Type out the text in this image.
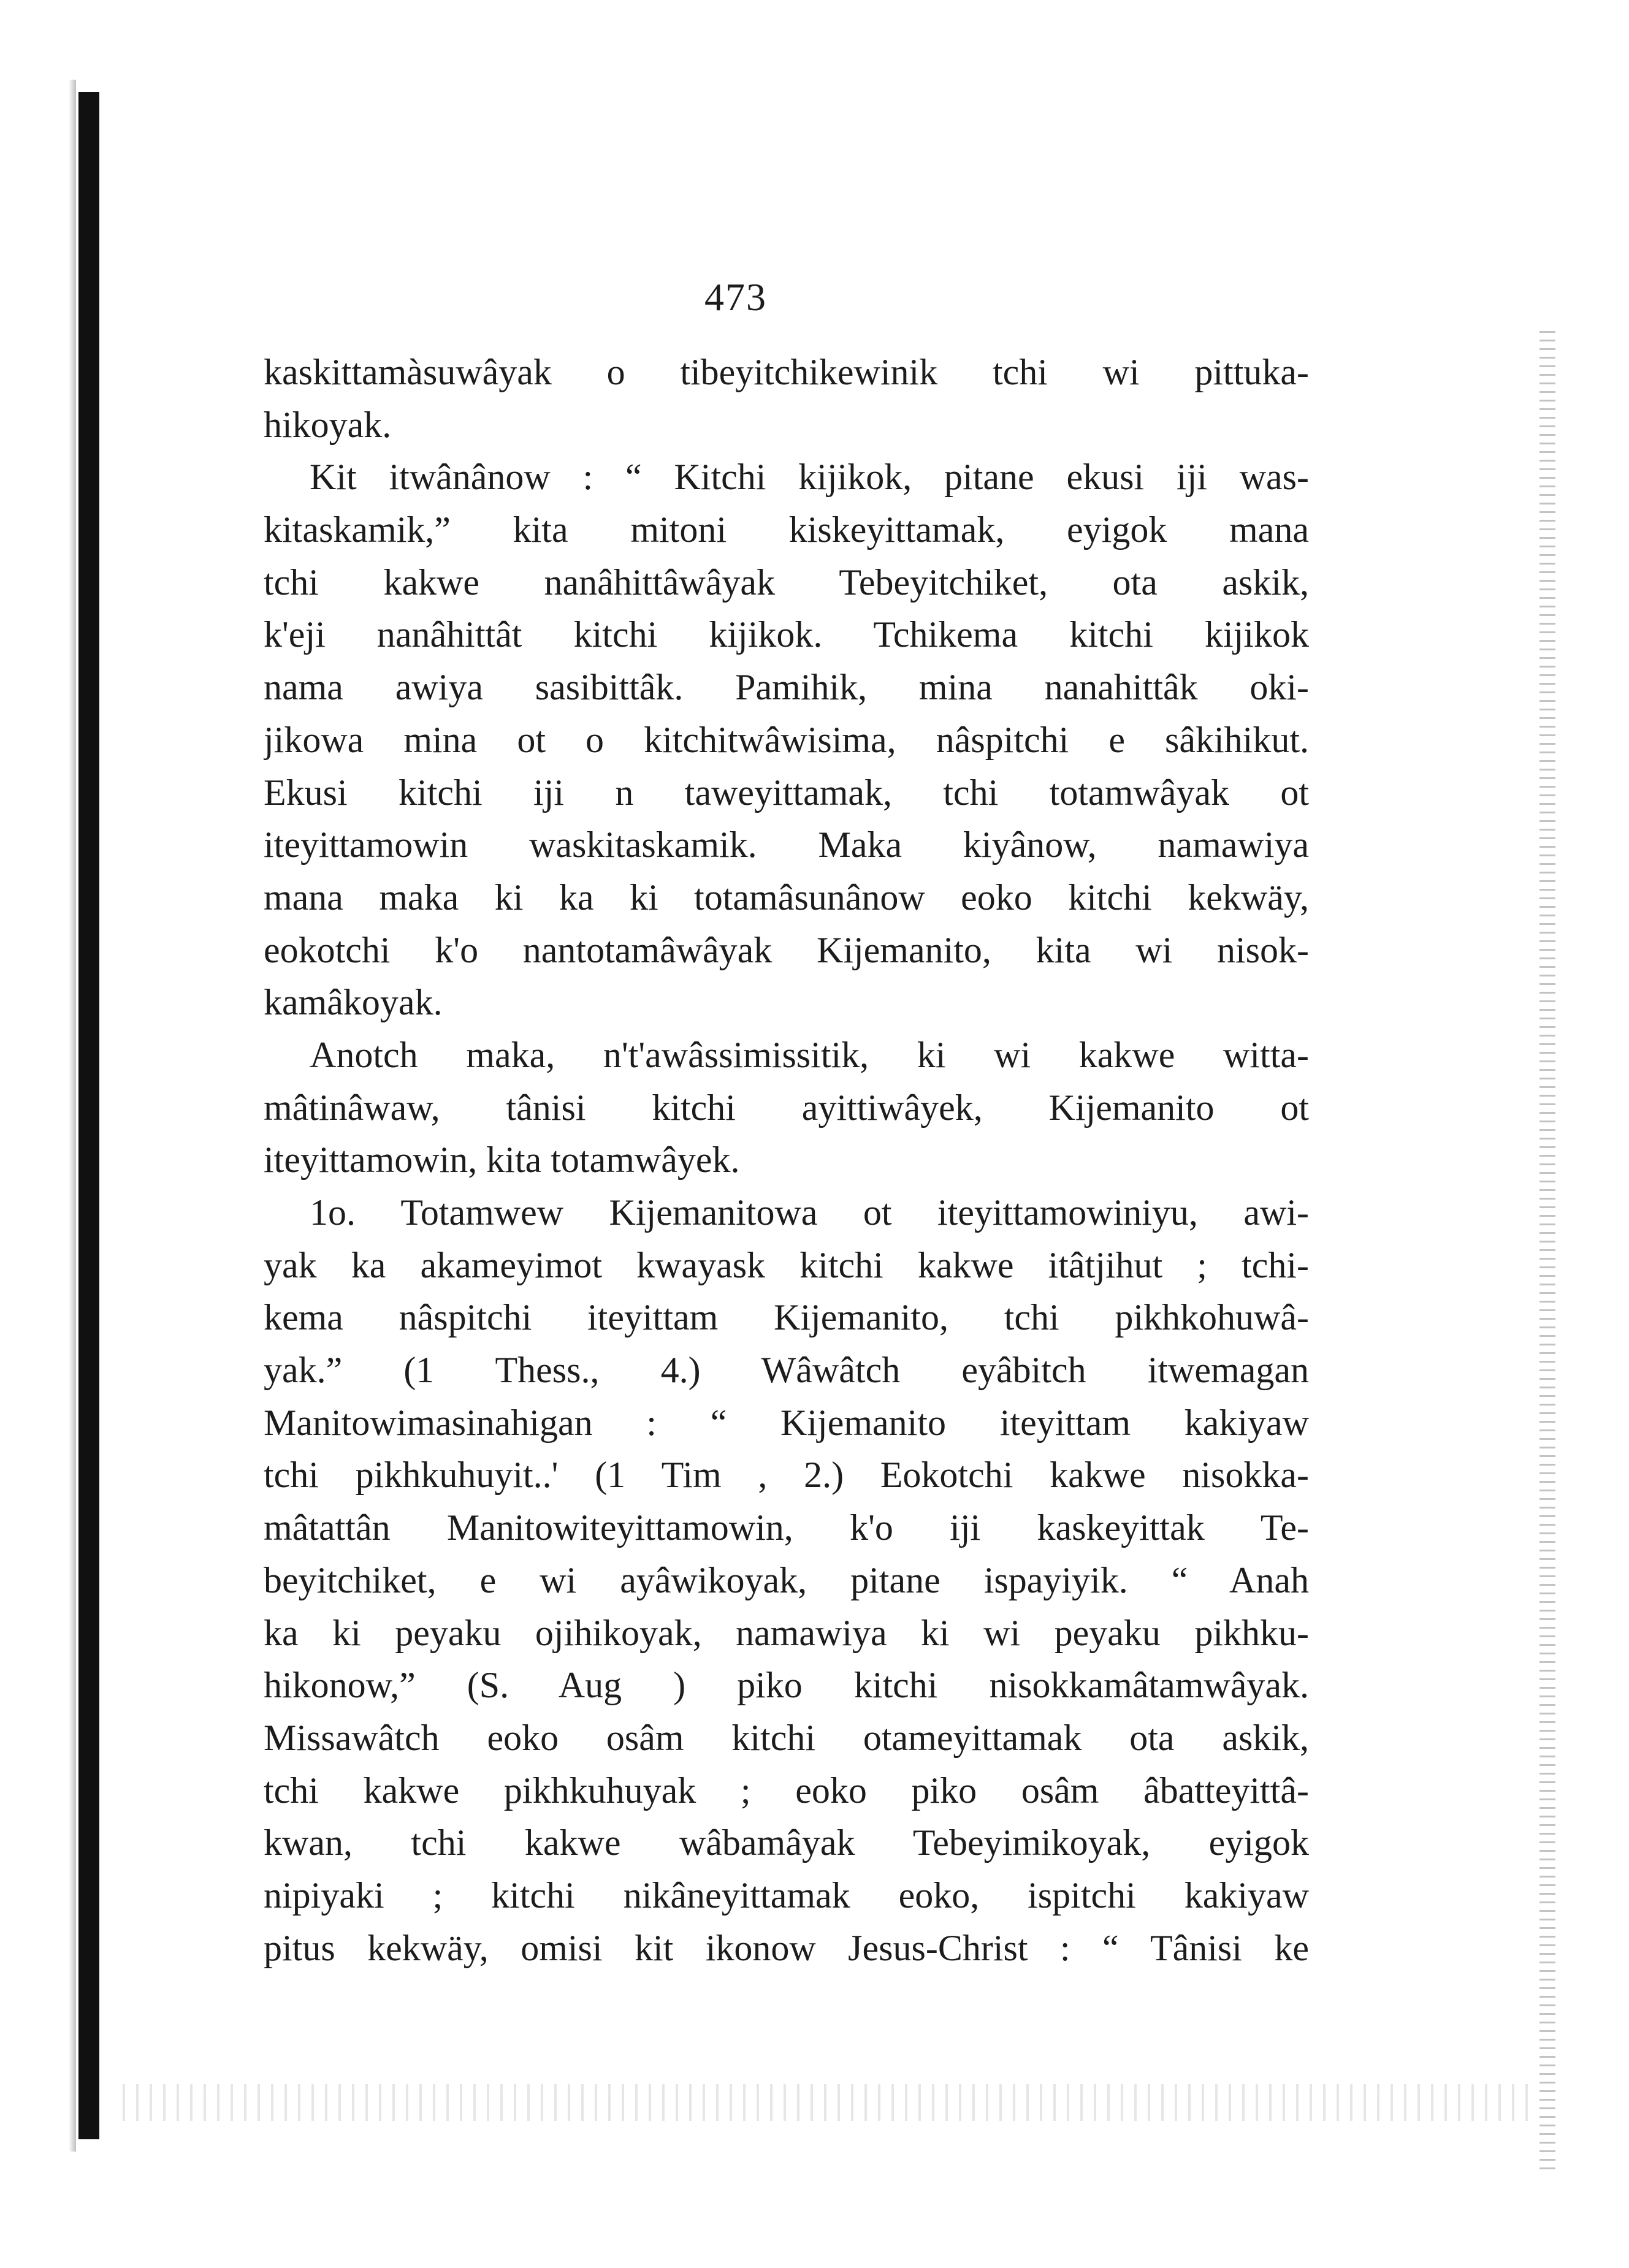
473
kaskittamàsuwâyak o tibeyitchikewinik tchi wi pittukа-
hikoyak.
Kit itwânânow : “ Kitchi kijikok, pitane ekusi iji was-
kitaskamik,” kita mitoni kiskeyittamak, eyigok mana
tchi kakwe nanâhittâwâyak Tebeyitchiket, ota askik,
k'eji nanâhittât kitchi kijikok. Tchikema kitchi kijikok
nama awiya sasibittâk. Pamihik, mina nanahittâk oki-
jikowa mina ot o kitchitwâwisima, nâspitchi e sâkihikut.
Ekusi kitchi iji n taweyittamak, tchi totamwâyak ot
iteyittamowin waskitaskamik. Maka kiyânow, namawiya
mana maka ki ka ki totamâsunânow eoko kitchi kekwäy,
eokotchi k'o nantotamâwâyak Kijemanito, kita wi nisok-
kamâkoyak.
Anotch maka, n't'awâssimissitik, ki wi kakwe witta-
mâtinâwaw, tânisi kitchi ayittiwâyek, Kijemanito ot
iteyittamowin, kita totamwâyek.
1o. Totamwew Kijemanitowa ot iteyittamowiniyu, awi-
yak ka akameyimot kwayask kitchi kakwe itâtjihut ; tchi-
kema nâspitchi iteyittam Kijemanito, tchi pikhkohuwâ-
yak.” (1 Thess., 4.) Wâwâtch eyâbitch itwemagan
Manitowimasinahigan : “ Kijemanito iteyittam kakiyaw
tchi pikhkuhuyit..' (1 Tim , 2.) Eokotchi kakwe nisokka-
mâtattân Manitowiteyittamowin, k'o iji kaskeyittak Te-
beyitchiket, e wi ayâwikoyak, pitane ispayiyik. “ Anah
ka ki peyaku ojihikoyak, namawiya ki wi peyaku pikhku-
hikonow,” (S. Aug ) piko kitchi nisokkamâtamwâyak.
Missawâtch eoko osâm kitchi otameyittamak ota askik,
tchi kakwe pikhkuhuyak ; eoko piko osâm âbatteyittâ-
kwan, tchi kakwe wâbamâyak Tebeyimikoyak, eyigok
nipiyaki ; kitchi nikâneyittamak eoko, ispitchi kakiyaw
pitus kekwäy, omisi kit ikonow Jesus-Christ : “ Tânisi ke
